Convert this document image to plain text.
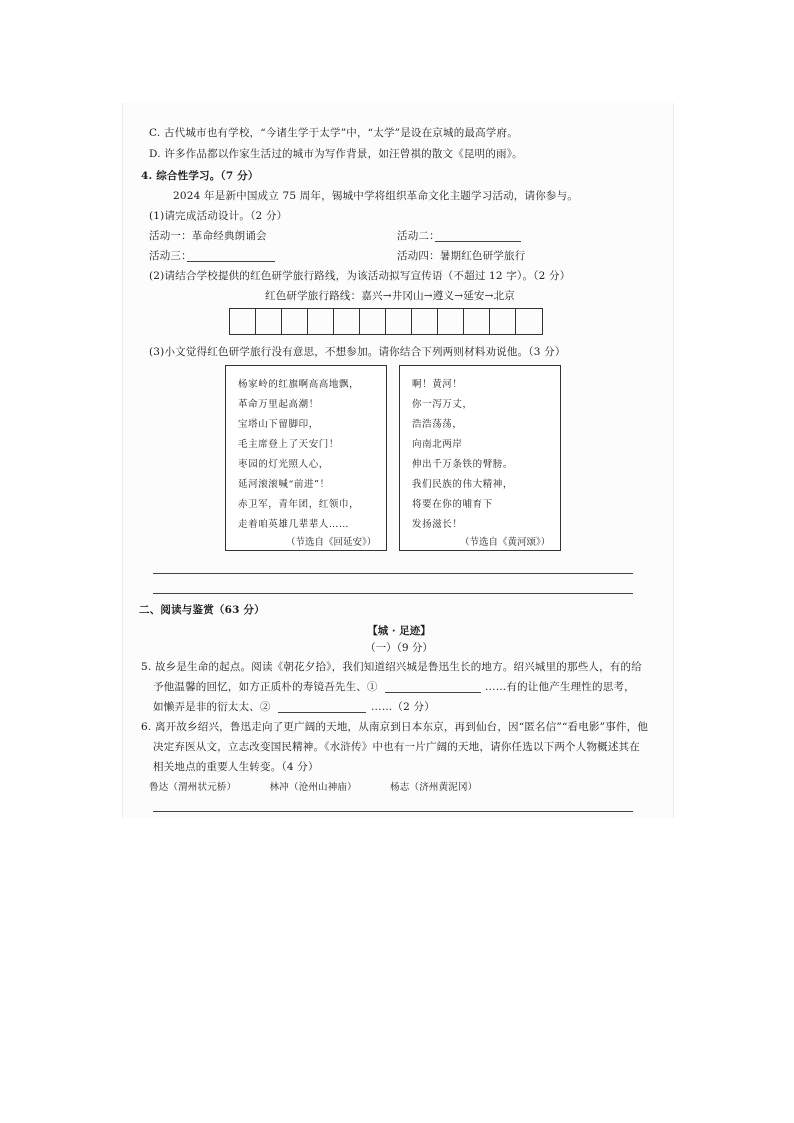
C. 古代城市也有学校，“今诸生学于太学”中，“太学”是设在京城的最高学府。
D. 许多作品都以作家生活过的城市为写作背景，如汪曾祺的散文《昆明的雨》。
4. 综合性学习。（7 分）
2024 年是新中国成立 75 周年，锡城中学将组织革命文化主题学习活动，请你参与。
(1)请完成活动设计。（2 分）
活动一：革命经典朗诵会	活动二：
活动三：	活动四：暑期红色研学旅行
(2)请结合学校提供的红色研学旅行路线，为该活动拟写宣传语（不超过 12 字）。（2 分）
红色研学旅行路线：嘉兴→井冈山→遵义→延安→北京
(3)小文觉得红色研学旅行没有意思，不想参加。请你结合下列两则材料劝说他。（3 分）
杨家岭的红旗啊高高地飘，
革命万里起高潮！
宝塔山下留脚印，
毛主席登上了天安门！
枣园的灯光照人心，
延河滚滚喊“前进”！
赤卫军，青年团，红领巾，
走着咱英雄几辈辈人……
（节选自《回延安》）
啊！黄河！
你一泻万丈，
浩浩荡荡，
向南北两岸
伸出千万条铁的臂膀。
我们民族的伟大精神，
将要在你的哺育下
发扬滋长！
（节选自《黄河颂》）
二、阅读与鉴赏（63 分）
【城 · 足迹】
（一）（9 分）
5. 故乡是生命的起点。阅读《朝花夕拾》，我们知道绍兴城是鲁迅生长的地方。绍兴城里的那些人，有的给
予他温馨的回忆，如方正质朴的寿镜吾先生、①	……有的让他产生理性的思考，
如懒弄是非的衍太太、②	……（2 分）
6. 离开故乡绍兴，鲁迅走向了更广阔的天地，从南京到日本东京，再到仙台，因“匿名信”“看电影”事件，他
决定弃医从文，立志改变国民精神。《水浒传》中也有一片广阔的天地，请你任选以下两个人物概述其在
相关地点的重要人生转变。（4 分）
鲁达（渭州状元桥）	林冲（沧州山神庙）	杨志（济州黄泥冈）
